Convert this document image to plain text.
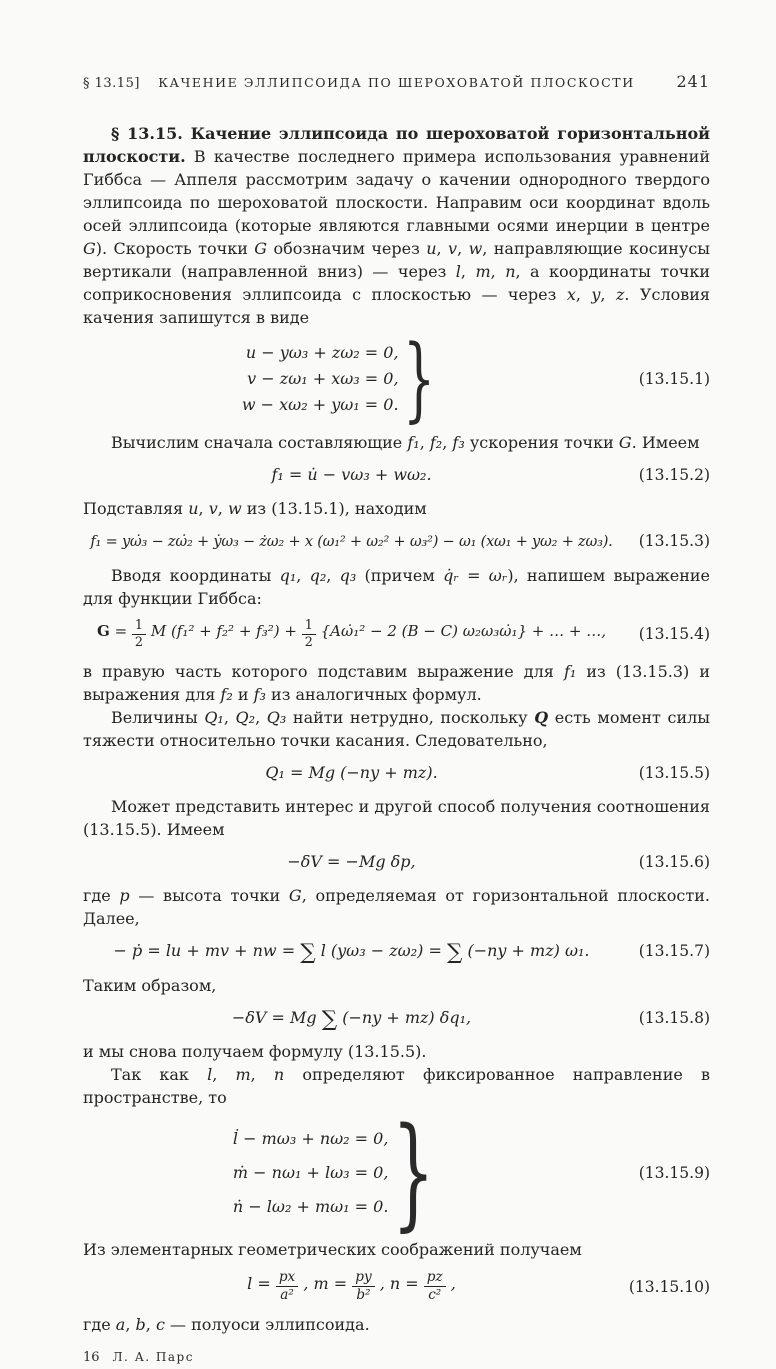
§ 13.15]	КАЧЕНИЕ ЭЛЛИПСОИДА ПО ШЕРОХОВАТОЙ ПЛОСКОСТИ	241

§ 13.15. Качение эллипсоида по шероховатой горизонтальной плоскости. В качестве последнего примера использования уравнений Гиббса — Аппеля рассмотрим задачу о качении однородного твердого эллипсоида по шероховатой плоскости. Направим оси координат вдоль осей эллипсоида (которые являются главными осями инерции в центре G). Скорость точки G обозначим через u, v, w, направляющие косинусы вертикали (направленной вниз) — через l, m, n, а координаты точки соприкосновения эллипсоида с плоскостью — через x, y, z. Условия качения запишутся в виде

u − yω₃ + zω₂ = 0,
v − zω₁ + xω₃ = 0,
w − xω₂ + yω₁ = 0. }	(13.15.1)

Вычислим сначала составляющие f₁, f₂, f₃ ускорения точки G. Имеем

f₁ = u̇ − vω₃ + wω₂.	(13.15.2)

Подставляя u, v, w из (13.15.1), находим

f₁ = yω̇₃ − zω̇₂ + ẏω₃ − żω₂ + x (ω₁² + ω₂² + ω₃²) − ω₁ (xω₁ + yω₂ + zω₃). (13.15.3)

Вводя координаты q₁, q₂, q₃ (причем q̇ᵣ = ωᵣ), напишем выражение для функции Гиббса:

$G = \frac{1}{2}$ M $(f_1^2 + f_2^2 + f_3^2) + \frac{1}{2}$ {Aω̇₁² − 2 (B − C) ω₂ω₃ω̇₁} + … + …, (13.15.4)

в правую часть которого подставим выражение для f₁ из (13.15.3) и выражения для f₂ и f₃ из аналогичных формул.

Величины Q₁, Q₂, Q₃ найти нетрудно, поскольку Q есть момент силы тяжести относительно точки касания. Следовательно,

Q₁ = Mg (−ny + mz).	(13.15.5)

Может представить интерес и другой способ получения соотношения (13.15.5). Имеем

−δV = −Mg δp,	(13.15.6)

где p — высота точки G, определяемая от горизонтальной плоскости. Далее,

− ṗ = lu + mv + nw = ∑ l (yω₃ − zω₂) = ∑ (−ny + mz) ω₁.	(13.15.7)

Таким образом,

−δV = Mg ∑ (−ny + mz) δq₁,	(13.15.8)

и мы снова получаем формулу (13.15.5).

Так как l, m, n определяют фиксированное направление в пространстве, то

l̇ − mω₃ + nω₂ = 0,
ṁ − nω₁ + lω₃ = 0,
ṅ − lω₂ + mω₁ = 0. }	(13.15.9)

Из элементарных геометрических соображений получаем

$l = \frac{px}{\text{a²}}$ , $m = \frac{py}{\text{b²}}$ , $n = \frac{pz}{\text{c²}}$ ,	(13.15.10)

где a, b, c — полуоси эллипсоида.

16 Л. А. Парс
